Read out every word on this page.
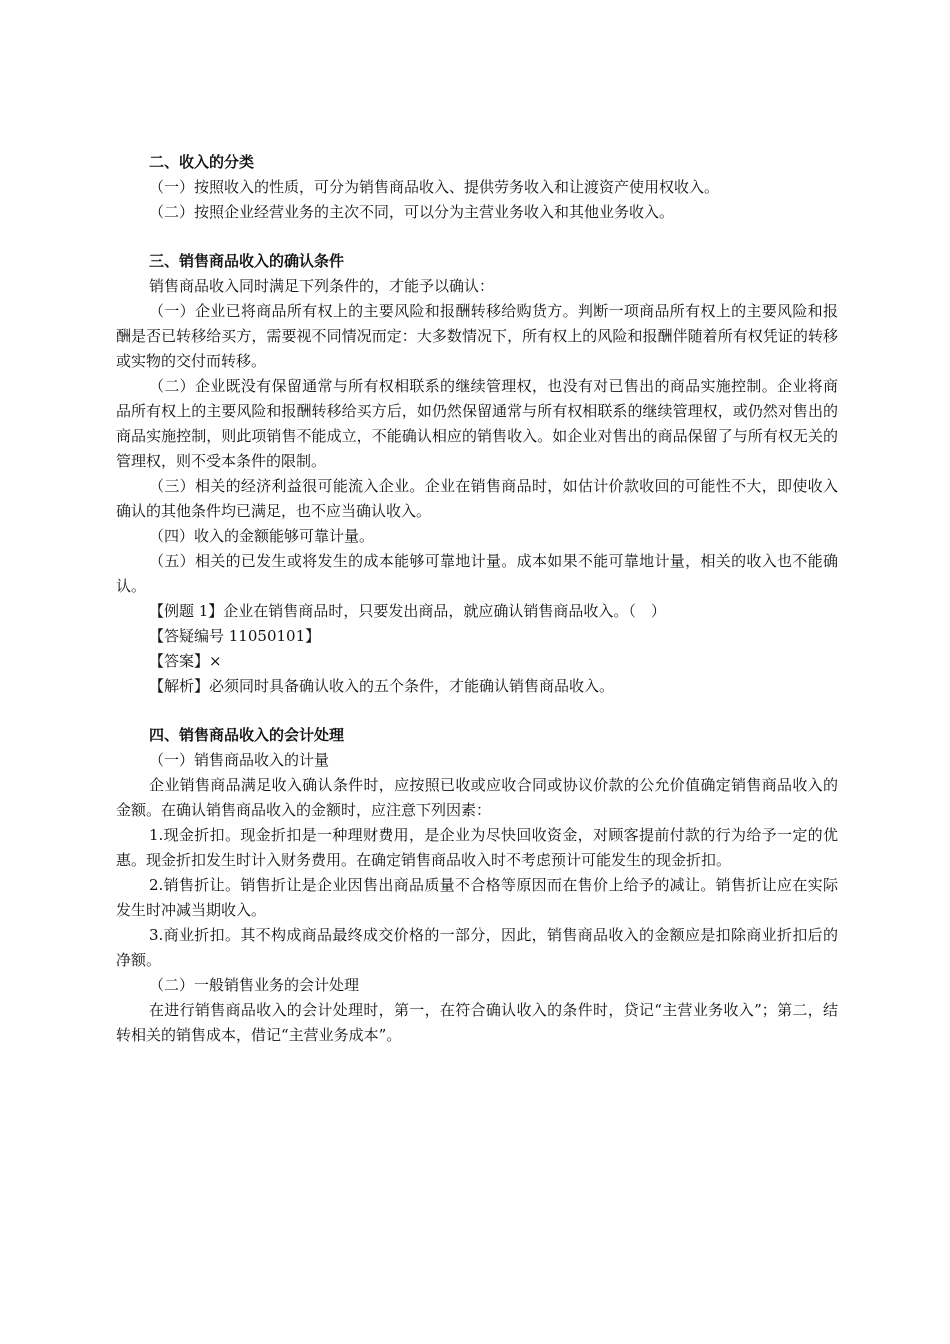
二、收入的分类

（一）按照收入的性质，可分为销售商品收入、提供劳务收入和让渡资产使用权收入。

（二）按照企业经营业务的主次不同，可以分为主营业务收入和其他业务收入。

三、销售商品收入的确认条件

销售商品收入同时满足下列条件的，才能予以确认：

（一）企业已将商品所有权上的主要风险和报酬转移给购货方。判断一项商品所有权上的主要风险和报酬是否已转移给买方，需要视不同情况而定：大多数情况下，所有权上的风险和报酬伴随着所有权凭证的转移或实物的交付而转移。

（二）企业既没有保留通常与所有权相联系的继续管理权，也没有对已售出的商品实施控制。企业将商品所有权上的主要风险和报酬转移给买方后，如仍然保留通常与所有权相联系的继续管理权，或仍然对售出的商品实施控制，则此项销售不能成立，不能确认相应的销售收入。如企业对售出的商品保留了与所有权无关的管理权，则不受本条件的限制。

（三）相关的经济利益很可能流入企业。企业在销售商品时，如估计价款收回的可能性不大，即使收入确认的其他条件均已满足，也不应当确认收入。

（四）收入的金额能够可靠计量。

（五）相关的已发生或将发生的成本能够可靠地计量。成本如果不能可靠地计量，相关的收入也不能确认。

【例题 1】企业在销售商品时，只要发出商品，就应确认销售商品收入。（　）

【答疑编号 11050101】

【答案】×

【解析】必须同时具备确认收入的五个条件，才能确认销售商品收入。

四、销售商品收入的会计处理

（一）销售商品收入的计量

企业销售商品满足收入确认条件时，应按照已收或应收合同或协议价款的公允价值确定销售商品收入的金额。在确认销售商品收入的金额时，应注意下列因素：

1.现金折扣。现金折扣是一种理财费用，是企业为尽快回收资金，对顾客提前付款的行为给予一定的优惠。现金折扣发生时计入财务费用。在确定销售商品收入时不考虑预计可能发生的现金折扣。

2.销售折让。销售折让是企业因售出商品质量不合格等原因而在售价上给予的减让。销售折让应在实际发生时冲减当期收入。

3.商业折扣。其不构成商品最终成交价格的一部分，因此，销售商品收入的金额应是扣除商业折扣后的净额。

（二）一般销售业务的会计处理

在进行销售商品收入的会计处理时，第一，在符合确认收入的条件时，贷记“主营业务收入”；第二，结转相关的销售成本，借记“主营业务成本”。
